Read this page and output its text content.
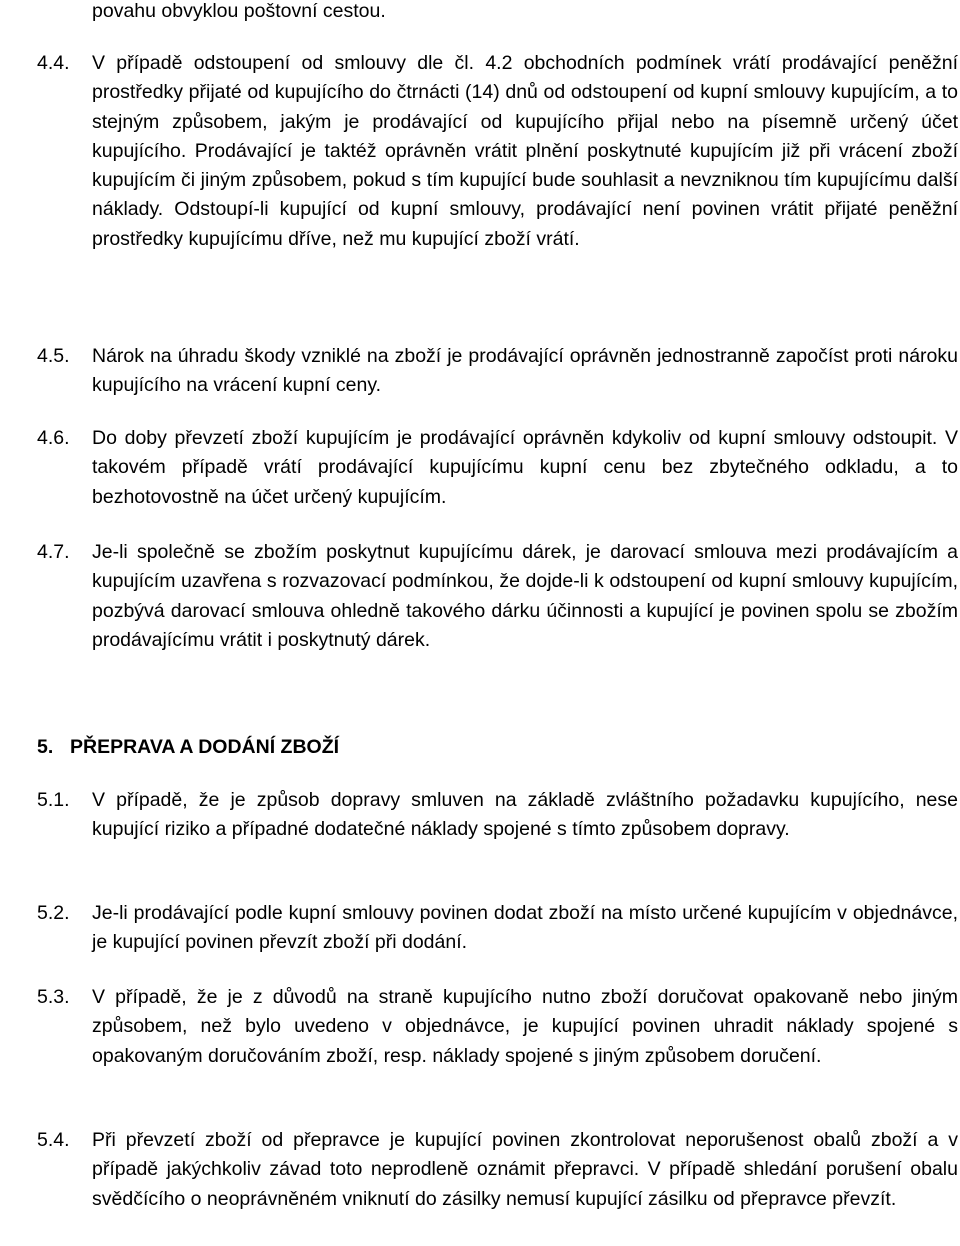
povahu obvyklou poštovní cestou.

4.4.	V případě odstoupení od smlouvy dle čl. 4.2 obchodních podmínek vrátí prodávající peněžní prostředky přijaté od kupujícího do čtrnácti (14) dnů od odstoupení od kupní smlouvy kupujícím, a to stejným způsobem, jakým je prodávající od kupujícího přijal nebo na písemně určený účet kupujícího. Prodávající je taktéž oprávněn vrátit plnění poskytnuté kupujícím již při vrácení zboží kupujícím či jiným způsobem, pokud s tím kupující bude souhlasit a nevzniknou tím kupujícímu další náklady. Odstoupí-li kupující od kupní smlouvy, prodávající není povinen vrátit přijaté peněžní prostředky kupujícímu dříve, než mu kupující zboží vrátí.

4.5.	Nárok na úhradu škody vzniklé na zboží je prodávající oprávněn jednostranně započíst proti nároku kupujícího na vrácení kupní ceny.

4.6.	Do doby převzetí zboží kupujícím je prodávající oprávněn kdykoliv od kupní smlouvy odstoupit. V takovém případě vrátí prodávající kupujícímu kupní cenu bez zbytečného odkladu, a to bezhotovostně na účet určený kupujícím.

4.7.	Je-li společně se zbožím poskytnut kupujícímu dárek, je darovací smlouva mezi prodávajícím a kupujícím uzavřena s rozvazovací podmínkou, že dojde-li k odstoupení od kupní smlouvy kupujícím, pozbývá darovací smlouva ohledně takového dárku účinnosti a kupující je povinen spolu se zbožím prodávajícímu vrátit i poskytnutý dárek.

5. PŘEPRAVA A DODÁNÍ ZBOŽÍ
5.1.	V případě, že je způsob dopravy smluven na základě zvláštního požadavku kupujícího, nese kupující riziko a případné dodatečné náklady spojené s tímto způsobem dopravy.

5.2.	Je-li prodávající podle kupní smlouvy povinen dodat zboží na místo určené kupujícím v objednávce, je kupující povinen převzít zboží při dodání.

5.3.	V případě, že je z důvodů na straně kupujícího nutno zboží doručovat opakovaně nebo jiným způsobem, než bylo uvedeno v objednávce, je kupující povinen uhradit náklady spojené s opakovaným doručováním zboží, resp. náklady spojené s jiným způsobem doručení.

5.4.	Při převzetí zboží od přepravce je kupující povinen zkontrolovat neporušenost obalů zboží a v případě jakýchkoliv závad toto neprodleně oznámit přepravci. V případě shledání porušení obalu svědčícího o neoprávněném vniknutí do zásilky nemusí kupující zásilku od přepravce převzít.
